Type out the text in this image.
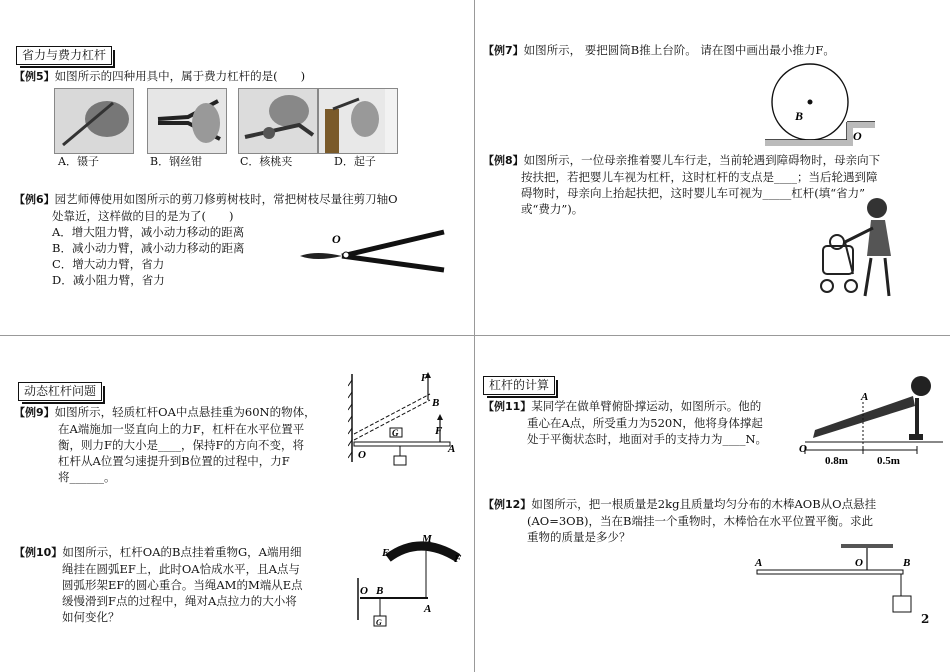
省力与费力杠杆
【例5】如图所示的四种用具中，属于费力杠杆的是(　　)
A．镊子	B．钢丝钳	C．核桃夹	D．起子
【例6】园艺师傅使用如图所示的剪刀修剪树枝时，常把树枝尽量往剪刀轴O
处靠近，这样做的目的是为了(　　)
A．增大阻力臂，减小动力移动的距离
B．减小动力臂，减小动力移动的距离
C．增大动力臂，省力
D．减小阻力臂，省力
O
【例7】如图所示， 要把圆筒B推上台阶。 请在图中画出最小推力F。
B
O
【例8】如图所示，一位母亲推着婴儿车行走，当前轮遇到障碍物时，母亲向下
按扶把，若把婴儿车视为杠杆，这时杠杆的支点是____；当后轮遇到障
碍物时，母亲向上抬起扶把，这时婴儿车可视为_____杠杆(填“省力”
或“费力”)。
动态杠杆问题
【例9】如图所示，轻质杠杆OA中点悬挂重为60N的物体，
在A端施加一竖直向上的力F，杠杆在水平位置平
衡，则力F的大小是____，保持F的方向不变，将
杠杆从A位置匀速提升到B位置的过程中，力F
将______。
F
B
G	F
O	A
【例10】如图所示，杠杆OA的B点挂着重物G，A端用细
绳挂在圆弧EF上，此时OA恰成水平，且A点与
圆弧形架EF的圆心重合。当绳AM的M端从E点
缓慢滑到F点的过程中，绳对A点拉力的大小将
如何变化？
M
E	F
O B
A
G
杠杆的计算
【例11】某同学在做单臂俯卧撑运动，如图所示。他的
重心在A点，所受重力为520N，他将身体撑起
处于平衡状态时，地面对手的支持力为____N。
A
O
0.8m	0.5m
【例12】如图所示，把一根质量是2kg且质量均匀分布的木棒AOB从O点悬挂
(AO=3OB)，当在B端挂一个重物时，木棒恰在水平位置平衡。求此
重物的质量是多少？
A	O	B
2
